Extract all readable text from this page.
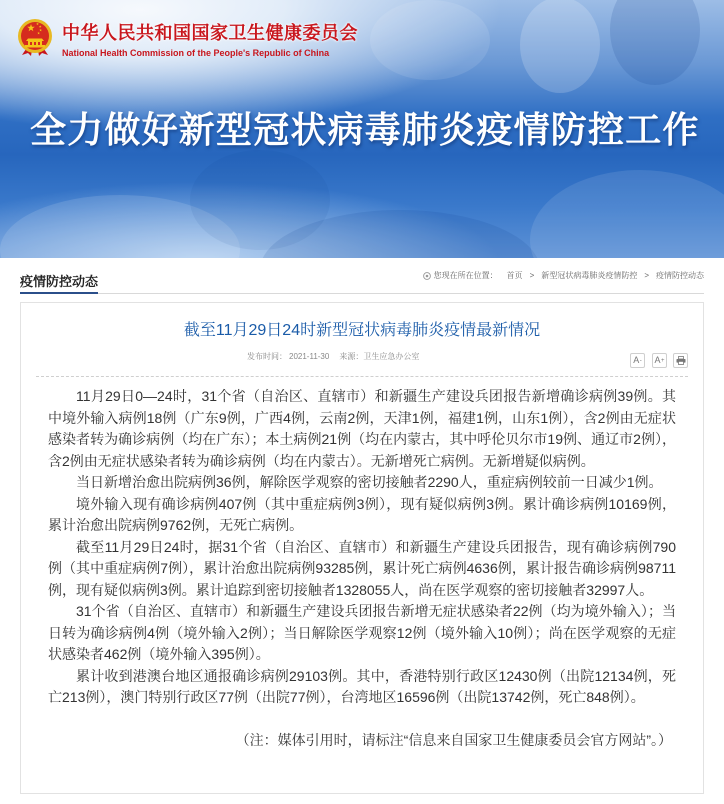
中华人民共和国国家卫生健康委员会
National Health Commission of the People's Republic of China
全力做好新型冠状病毒肺炎疫情防控工作
疫情防控动态	您现在所在位置： 首页 > 新型冠状病毒肺炎疫情防控 > 疫情防控动态
截至11月29日24时新型冠状病毒肺炎疫情最新情况
发布时间： 2021-11-30 来源：卫生应急办公室	A - A +

11月29日0—24时，31个省（自治区、直辖市）和新疆生产建设兵团报告新增确诊病例39例。其中境外输入病例18例（广东9例，广西4例，云南2例，天津1例，福建1例，山东1例），含2例由无症状感染者转为确诊病例（均在广东）；本土病例21例（均在内蒙古，其中呼伦贝尔市19例、通辽市2例），含2例由无症状感染者转为确诊病例（均在内蒙古）。无新增死亡病例。无新增疑似病例。

当日新增治愈出院病例36例，解除医学观察的密切接触者2290人，重症病例较前一日减少1例。

境外输入现有确诊病例407例（其中重症病例3例），现有疑似病例3例。累计确诊病例10169例，累计治愈出院病例9762例，无死亡病例。

截至11月29日24时，据31个省（自治区、直辖市）和新疆生产建设兵团报告，现有确诊病例790例（其中重症病例7例），累计治愈出院病例93285例，累计死亡病例4636例，累计报告确诊病例98711例，现有疑似病例3例。累计追踪到密切接触者1328055人，尚在医学观察的密切接触者32997人。

31个省（自治区、直辖市）和新疆生产建设兵团报告新增无症状感染者22例（均为境外输入）；当日转为确诊病例4例（境外输入2例）；当日解除医学观察12例（境外输入10例）；尚在医学观察的无症状感染者462例（境外输入395例）。

累计收到港澳台地区通报确诊病例29103例。其中，香港特别行政区12430例（出院12134例，死亡213例），澳门特别行政区77例（出院77例），台湾地区16596例（出院13742例，死亡848例）。

（注：媒体引用时，请标注“信息来自国家卫生健康委员会官方网站”。）
